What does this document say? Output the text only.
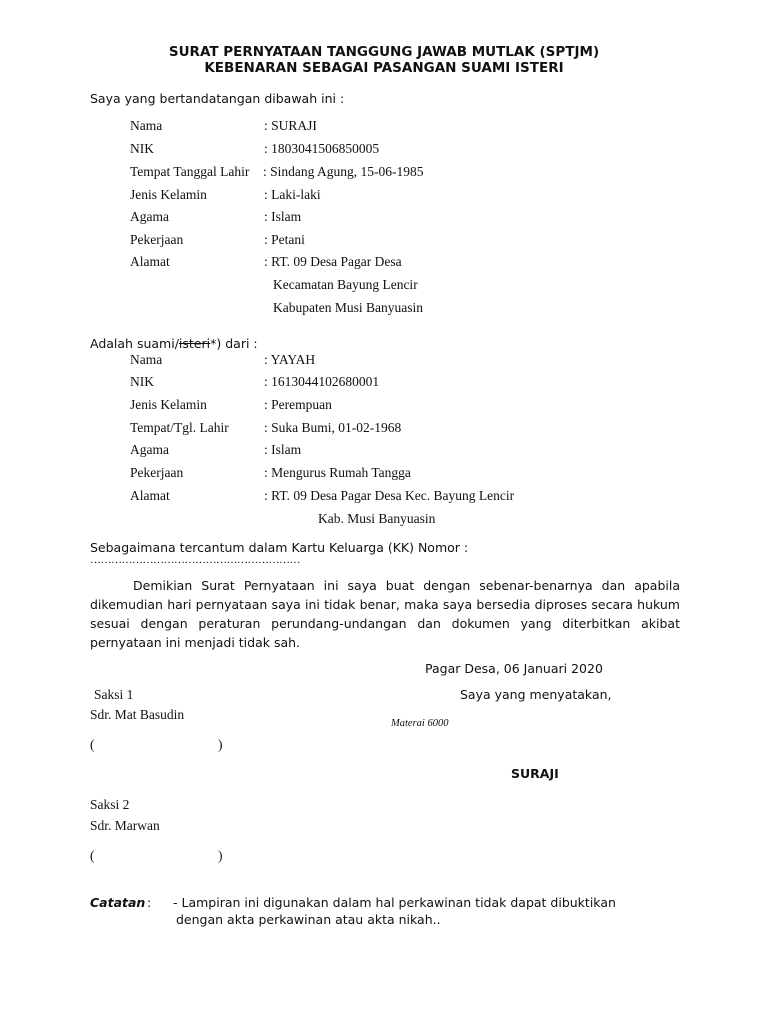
SURAT PERNYATAAN TANGGUNG JAWAB MUTLAK (SPTJM)
KEBENARAN SEBAGAI PASANGAN SUAMI ISTERI
Saya yang bertandatangan dibawah ini :
Nama	: SURAJI
NIK	: 1803041506850005
Tempat Tanggal Lahir : Sindang Agung, 15-06-1985
Jenis Kelamin	: Laki-laki
Agama	: Islam
Pekerjaan	: Petani
Alamat	: RT. 09 Desa Pagar Desa
Kecamatan Bayung Lencir
Kabupaten Musi Banyuasin
Adalah suami/isteri*) dari :
Nama	: YAYAH
NIK	: 1613044102680001
Jenis Kelamin	: Perempuan
Tempat/Tgl. Lahir	: Suka Bumi, 01-02-1968
Agama	: Islam
Pekerjaan	: Mengurus Rumah Tangga
Alamat	: RT. 09 Desa Pagar Desa Kec. Bayung Lencir
Kab. Musi Banyuasin
Sebagaimana tercantum dalam Kartu Keluarga (KK) Nomor :
……………………………………………………
Demikian Surat Pernyataan ini saya buat dengan sebenar-benarnya dan apabila dikemudian hari pernyataan saya ini tidak benar, maka saya bersedia diproses secara hukum sesuai dengan peraturan perundang-undangan dan dokumen yang diterbitkan akibat pernyataan ini menjadi tidak sah.
Pagar Desa, 06 Januari 2020
Saksi 1
Sdr. Mat Basudin
(	)
Saya yang menyatakan,
Materai 6000
SURAJI
Saksi 2
Sdr. Marwan
(	)
Catatan : - Lampiran ini digunakan dalam hal perkawinan tidak dapat dibuktikan
dengan akta perkawinan atau akta nikah..
